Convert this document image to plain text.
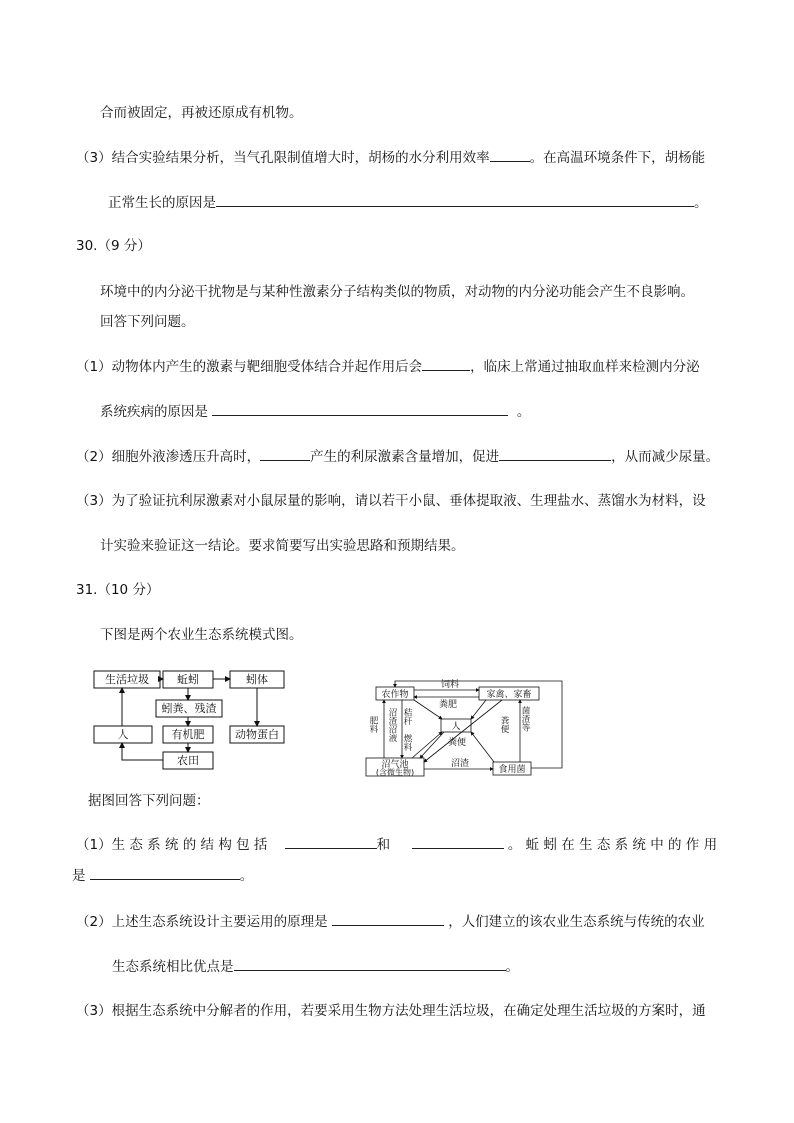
合而被固定，再被还原成有机物。
（3）结合实验结果分析，当气孔限制值增大时，胡杨的水分利用效率	。在高温环境条件下，胡杨能
正常生长的原因是	。
30.（9 分）
环境中的内分泌干扰物是与某种性激素分子结构类似的物质，对动物的内分泌功能会产生不良影响。
回答下列问题。
（1）动物体内产生的激素与靶细胞受体结合并起作用后会	，临床上常通过抽取血样来检测内分泌
系统疾病的原因是	。
（2）细胞外液渗透压升高时，	产生的利尿激素含量增加，促进	，从而减少尿量。
（3）为了验证抗利尿激素对小鼠尿量的影响，请以若干小鼠、垂体提取液、生理盐水、蒸馏水为材料，设
计实验来验证这一结论。要求简要写出实验思路和预期结果。
31.（10 分）
下图是两个农业生态系统模式图。
生活垃圾	蚯蚓	蚓体
蚓粪、残渣
人	有机肥	动物蛋白
农田
农作物	家禽、家畜
人
沼气池
(含微生物)	食用菌
饲料
粪肥
沼渣
粪便
秸秆
燃料
肥料 沼渣沼液	粪便 菌渣等
据图回答下列问题：
（1）生 态 系 统 的 结 构 包 括	和	。 蚯 蚓 在 生 态 系 统 中 的 作 用
是	。
（2）上述生态系统设计主要运用的原理是	，人们建立的该农业生态系统与传统的农业
生态系统相比优点是	。
（3）根据生态系统中分解者的作用，若要采用生物方法处理生活垃圾，在确定处理生活垃圾的方案时，通
